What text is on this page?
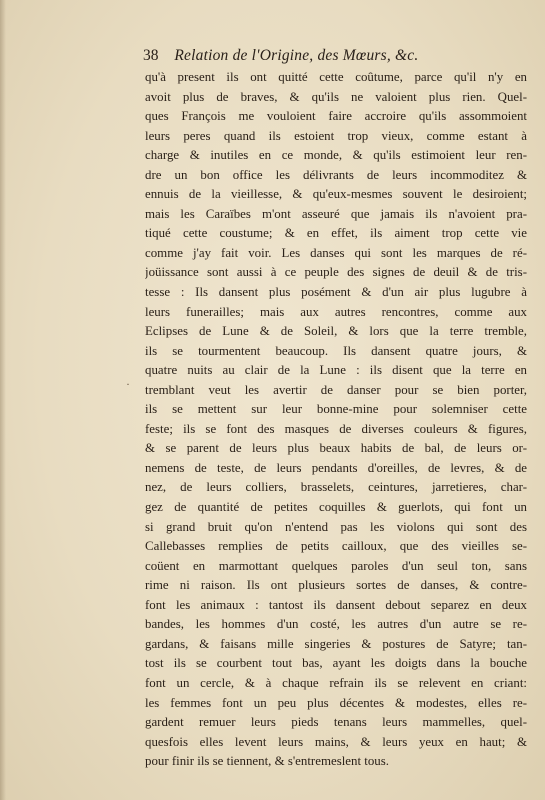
38 Relation de l'Origine, des Mœurs, &c.
·
qu'à present ils ont quitté cette coûtume, parce qu'il n'y en
avoit plus de braves, & qu'ils ne valoient plus rien. Quel-
ques François me vouloient faire accroire qu'ils assommoient
leurs peres quand ils estoient trop vieux, comme estant à
charge & inutiles en ce monde, & qu'ils estimoient leur ren-
dre un bon office les délivrants de leurs incommoditez &
ennuis de la vieillesse, & qu'eux-mesmes souvent le desiroient;
mais les Caraïbes m'ont asseuré que jamais ils n'avoient pra-
tiqué cette coustume; & en effet, ils aiment trop cette vie
comme j'ay fait voir. Les danses qui sont les marques de ré-
joüissance sont aussi à ce peuple des signes de deuil & de tris-
tesse : Ils dansent plus posément & d'un air plus lugubre à
leurs funerailles; mais aux autres rencontres, comme aux
Eclipses de Lune & de Soleil, & lors que la terre tremble,
ils se tourmentent beaucoup. Ils dansent quatre jours, &
quatre nuits au clair de la Lune : ils disent que la terre en
tremblant veut les avertir de danser pour se bien porter,
ils se mettent sur leur bonne-mine pour solemniser cette
feste; ils se font des masques de diverses couleurs & figures,
& se parent de leurs plus beaux habits de bal, de leurs or-
nemens de teste, de leurs pendants d'oreilles, de levres, & de
nez, de leurs colliers, brasselets, ceintures, jarretieres, char-
gez de quantité de petites coquilles & guerlots, qui font un
si grand bruit qu'on n'entend pas les violons qui sont des
Callebasses remplies de petits cailloux, que des vieilles se-
coüent en marmottant quelques paroles d'un seul ton, sans
rime ni raison. Ils ont plusieurs sortes de danses, & contre-
font les animaux : tantost ils dansent debout separez en deux
bandes, les hommes d'un costé, les autres d'un autre se re-
gardans, & faisans mille singeries & postures de Satyre; tan-
tost ils se courbent tout bas, ayant les doigts dans la bouche
font un cercle, & à chaque refrain ils se relevent en criant:
les femmes font un peu plus décentes & modestes, elles re-
gardent remuer leurs pieds tenans leurs mammelles, quel-
quesfois elles levent leurs mains, & leurs yeux en haut; &
pour finir ils se tiennent, & s'entremeslent tous.
